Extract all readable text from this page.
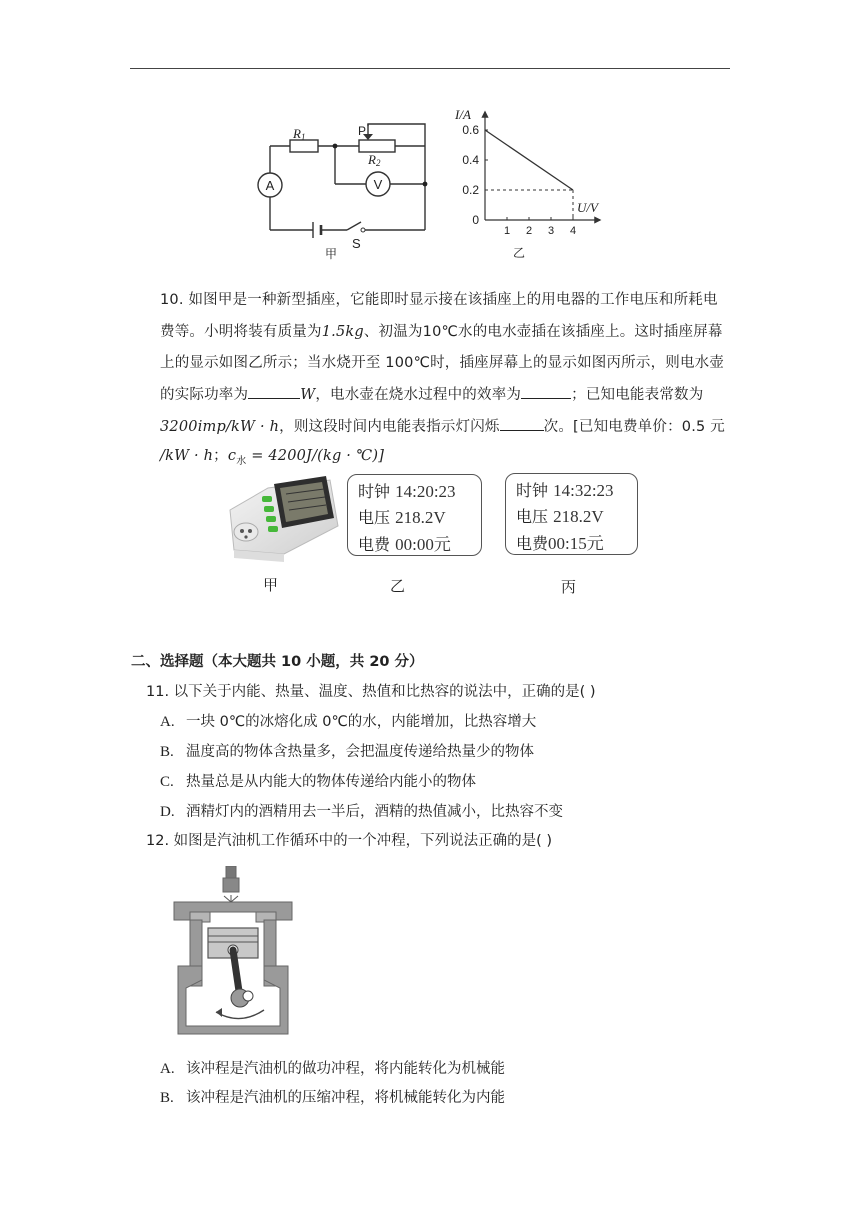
R1
R2
P
A	V
S
甲
1 2 3 4
0.6
0.4
0.2
0
I/A
U/V
乙
10. 如图甲是一种新型插座，它能即时显示接在该插座上的用电器的工作电压和所耗电
费等。小明将装有质量为1.5kg、初温为10℃水的电水壶插在该插座上。这时插座屏幕
上的显示如图乙所示；当水烧开至 100℃时，插座屏幕上的显示如图丙所示，则电水壶
的实际功率为	W，电水壶在烧水过程中的效率为	；已知电能表常数为
3200imp/kW · h，则这段时间内电能表指示灯闪烁	次。[已知电费单价：0.5 元
/kW · h；$c_水 = 4200J/(kg$ · ℃)]
时钟 14:20:23
电压 218.2V
电费 00:00元
时钟 14:32:23
电压 218.2V
电费00:15元
甲	乙	丙
二、选择题（本大题共 10 小题，共 20 分）
11. 以下关于内能、热量、温度、热值和比热容的说法中，正确的是( )
A. 一块 0℃的冰熔化成 0℃的水，内能增加，比热容增大
B. 温度高的物体含热量多，会把温度传递给热量少的物体
C. 热量总是从内能大的物体传递给内能小的物体
D. 酒精灯内的酒精用去一半后，酒精的热值减小，比热容不变
12. 如图是汽油机工作循环中的一个冲程，下列说法正确的是( )
A. 该冲程是汽油机的做功冲程，将内能转化为机械能
B. 该冲程是汽油机的压缩冲程，将机械能转化为内能
